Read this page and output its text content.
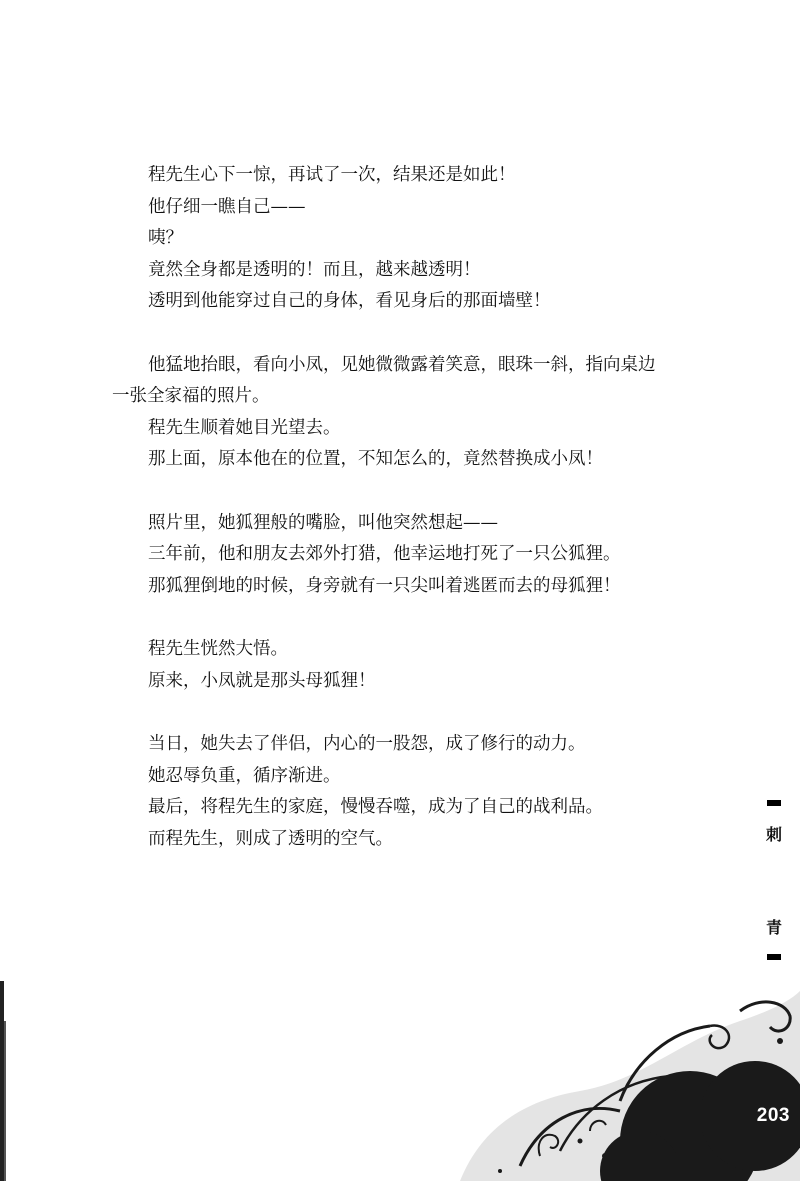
程先生心下一惊，再试了一次，结果还是如此！
他仔细一瞧自己——
咦？
竟然全身都是透明的！而且，越来越透明！
透明到他能穿过自己的身体，看见身后的那面墙壁！

他猛地抬眼，看向小凤，见她微微露着笑意，眼珠一斜，指向桌边
一张全家福的照片。
程先生顺着她目光望去。
那上面，原本他在的位置，不知怎么的，竟然替换成小凤！

照片里，她狐狸般的嘴脸，叫他突然想起——
三年前，他和朋友去郊外打猎，他幸运地打死了一只公狐狸。
那狐狸倒地的时候，身旁就有一只尖叫着逃匿而去的母狐狸！

程先生恍然大悟。
原来，小凤就是那头母狐狸！

当日，她失去了伴侣，内心的一股怨，成了修行的动力。
她忍辱负重，循序渐进。
最后，将程先生的家庭，慢慢吞噬，成为了自己的战利品。
而程先生，则成了透明的空气。	刺
青
203
